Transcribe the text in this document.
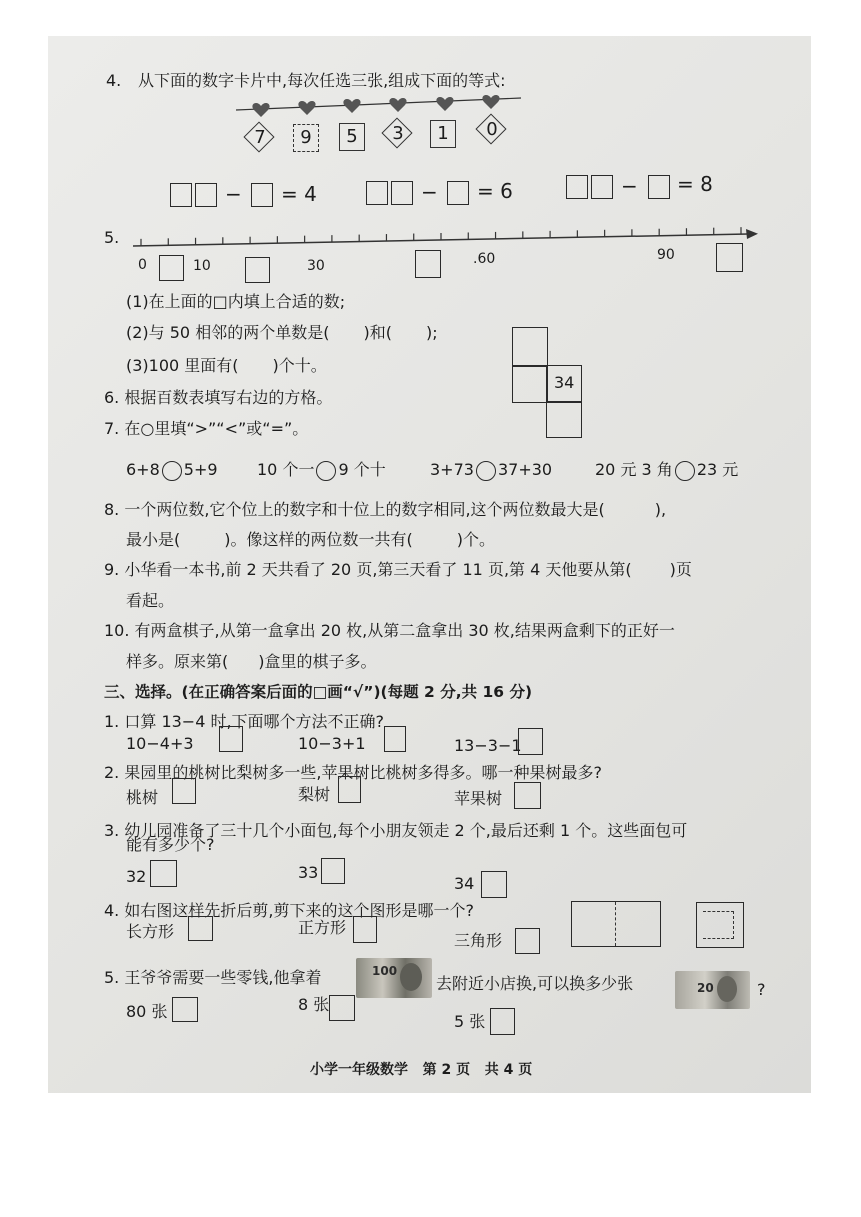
4. 从下面的数字卡片中,每次任选三张,组成下面的等式:
7	9	5	3	1	0
− = 4	− = 6	− = 8
5.
0	10	30	.60	90
(1)在上面的□内填上合适的数;
(2)与 50 相邻的两个单数是( )和( );
(3)100 里面有( )个十。
34
6. 根据百数表填写右边的方格。
7. 在○里填“>”“<”或“=”。
6+8 5+9 10 个一 9 个十	3+73 37+30	20 元 3 角 23 元
8. 一个两位数,它个位上的数字和十位上的数字相同,这个两位数最大是(	),
最小是(	)。像这样的两位数一共有(	)个。
9. 小华看一本书,前 2 天共看了 20 页,第三天看了 11 页,第 4 天他要从第( )页
看起。
10. 有两盒棋子,从第一盒拿出 20 枚,从第二盒拿出 30 枚,结果两盒剩下的正好一
样多。原来第( )盒里的棋子多。
三、选择。(在正确答案后面的□画“√”)(每题 2 分,共 16 分)
1. 口算 13−4 时,下面哪个方法不正确?
10−4+3	10−3+1	13−3−1
2. 果园里的桃树比梨树多一些,苹果树比桃树多得多。哪一种果树最多?
桃树	梨树	苹果树
3. 幼儿园准备了三十几个小面包,每个小朋友领走 2 个,最后还剩 1 个。这些面包可
能有多少个?
32	33
34
4. 如右图这样先折后剪,剪下来的这个图形是哪一个?
长方形	正方形
三角形
5. 王爷爷需要一些零钱,他拿着	100
去附近小店换,可以换多少张	20	?
80 张	8 张
5 张
小学一年级数学   第 2 页   共 4 页
